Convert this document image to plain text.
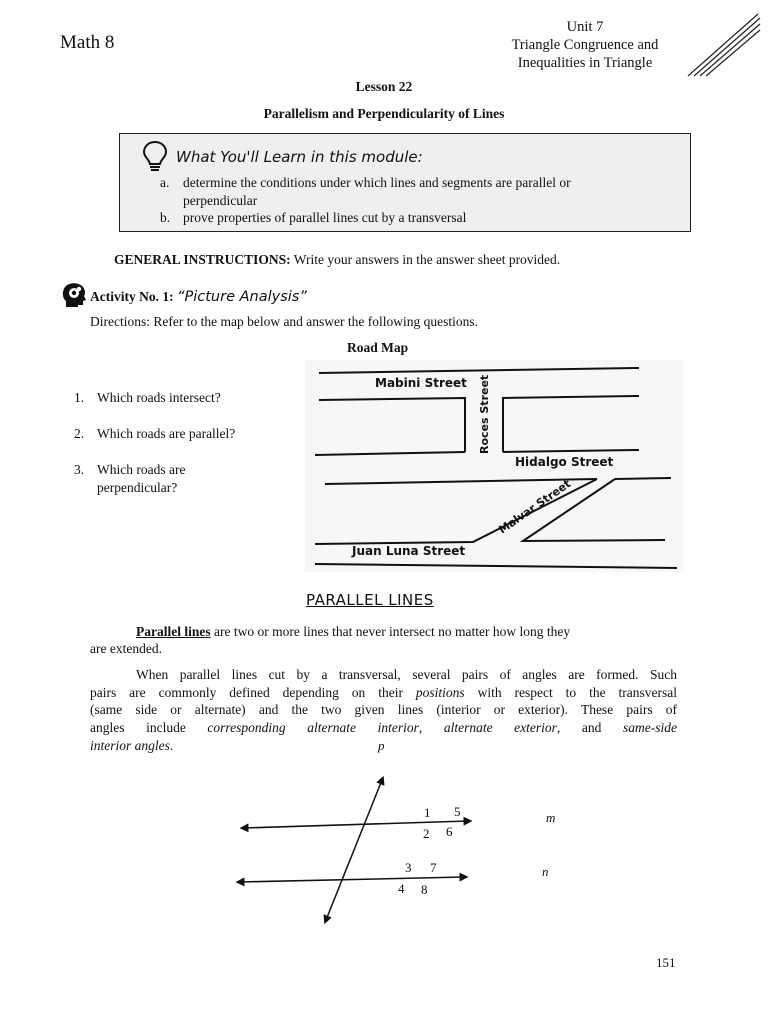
Math 8
Unit 7
Triangle Congruence and
Inequalities in Triangle
Lesson 22
Parallelism and Perpendicularity of Lines
What You'll Learn in this module:
a. determine the conditions under which lines and segments are parallel or
perpendicular
b. prove properties of parallel lines cut by a transversal
GENERAL INSTRUCTIONS: Write your answers in the answer sheet provided.
Activity No. 1: “Picture Analysis”
Directions: Refer to the map below and answer the following questions.
Road Map
1. Which roads intersect?
2. Which roads are parallel?
3. Which roads are
perpendicular?
Mabini Street Roces Street
Hidalgo Street
Malvar Street
Juan Luna Street
PARALLEL LINES
Parallel lines are two or more lines that never intersect no matter how long they
are extended.
When parallel lines cut by a transversal, several pairs of angles are formed. Such
pairs are commonly defined depending on their positions with respect to the transversal
(same side or alternate) and the two given lines (interior or exterior). These pairs of
angles include corresponding alternate interior, alternate exterior, and same-side
interior angles.	p
m
n
1 5
2 6
3 7
4 8
151
